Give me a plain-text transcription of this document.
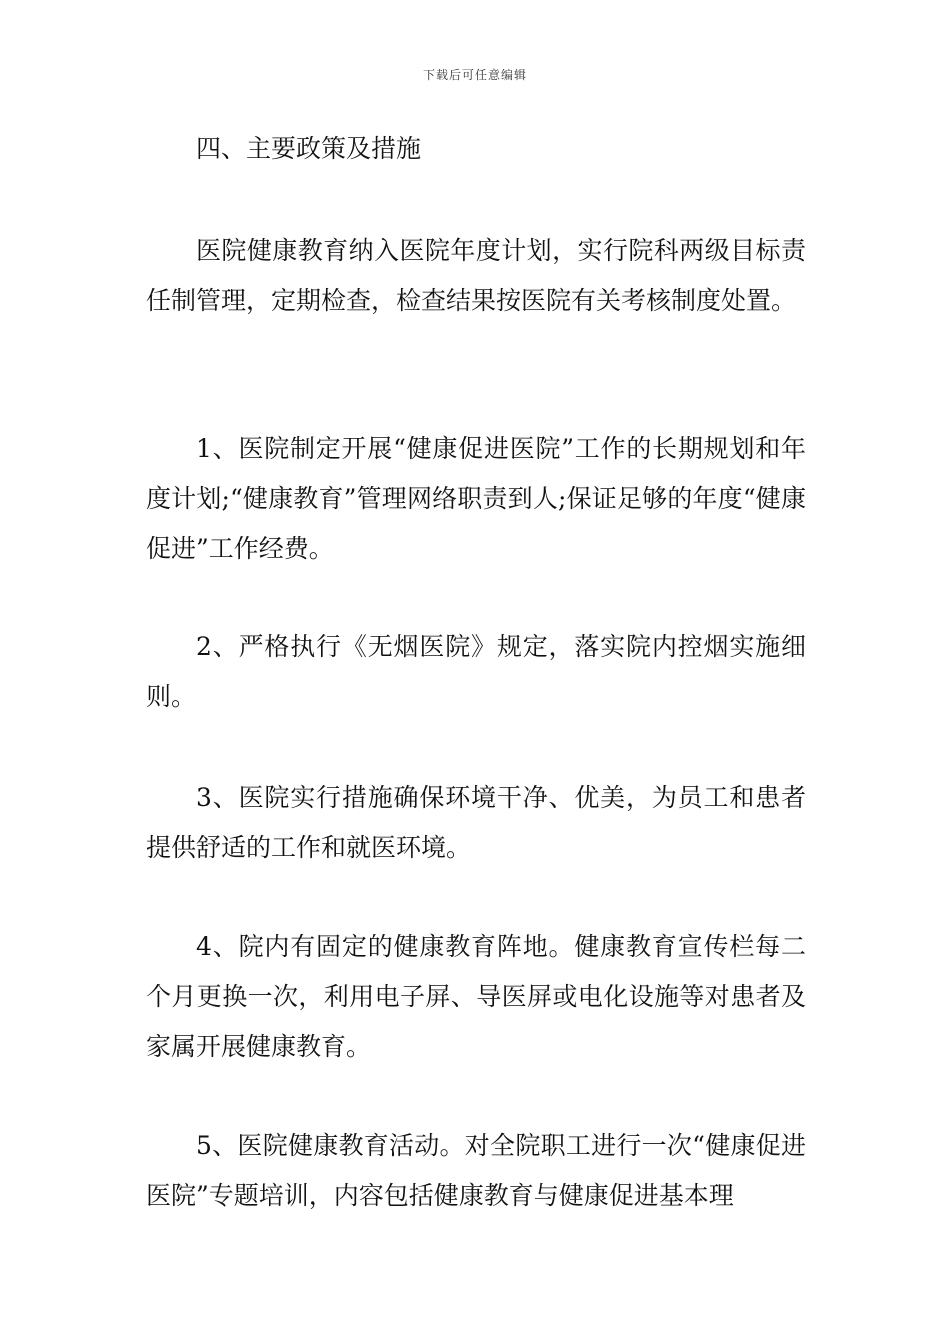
下载后可任意编辑
四、主要政策及措施

医院健康教育纳入医院年度计划，实行院科两级目标责任制管理，定期检查，检查结果按医院有关考核制度处置。

1、医院制定开展“健康促进医院”工作的长期规划和年度计划;“健康教育”管理网络职责到人;保证足够的年度“健康促进”工作经费。

2、严格执行《无烟医院》规定，落实院内控烟实施细则。

3、医院实行措施确保环境干净、优美，为员工和患者提供舒适的工作和就医环境。

4、院内有固定的健康教育阵地。健康教育宣传栏每二个月更换一次，利用电子屏、导医屏或电化设施等对患者及家属开展健康教育。

5、医院健康教育活动。对全院职工进行一次“健康促进医院”专题培训，内容包括健康教育与健康促进基本理
